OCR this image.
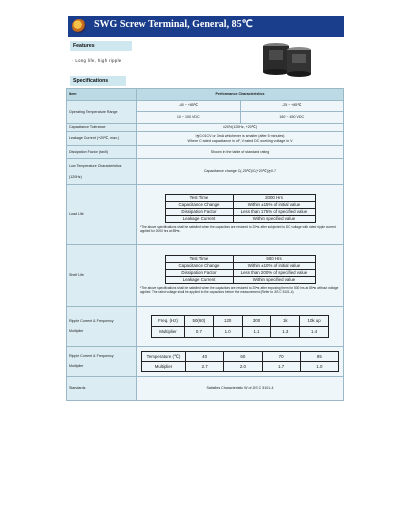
SWG Screw Terminal, General, 85℃
Features
· Long life, high ripple
Specifications
Item	Performance Characteristics
Operating Temperature Range	-40 ~ +85℃	-25 ~ +85℃
10 ~ 100 VDC	160 ~ 450 VDC
Capacitance Tolerance	±20%(120Hz, +20℃)
Leakage Current (+20℃, max.)	
I≦0.01CV or 3mA whichever is smaller (after 5 minutes)
Where C:rated capacitance in uF, V:rated DC working voltage in V

Dissipation Factor (tanδ)	Shown in the table of standard rating

Low Temperature Characteristics
(120Hz)
	Capacitance change C(-25℃)/C(+20℃)≧0.7
Load Life	
Test Time	2000 Hrs
Capacitance Change	Within ±15% of initial value
Dissipation Factor	Less than 175% of specified value
Leakage Current	Within specified value
*The above specifications shall be satisfied when the capacitors are restored to 20℃ after subjected to DC voltage with rated ripple current applied for 2000 hrs at 85℃.

Shelf Life	
Test Time	500 Hrs
Capacitance Change	Within ±10% of initial value
Dissipation Factor	Less than 200% of specified value
Leakage Current	Within specified value
*The above specifications shall be satisfied when the capacitors are restored to 20℃ after exposing them for 500 hrs at 85℃ without voltage applied. The rated voltage shall be applied to the capacitors before the measurement.(Refer to JIS C 5101-4)

Ripple Current & Frequency
Multiplier

Freq. (Hz)	50(60)	120	300	1k	10k up
Multiplier	0.7	1.0	1.1	1.3	1.4

Ripple Current & Frequency
Multiplier

Temperature (℃)	40	60	70	85
Multiplier	2.7	2.0	1.7	1.0

Standards	Satisfies Characteristic W of JIS C 5101-4
